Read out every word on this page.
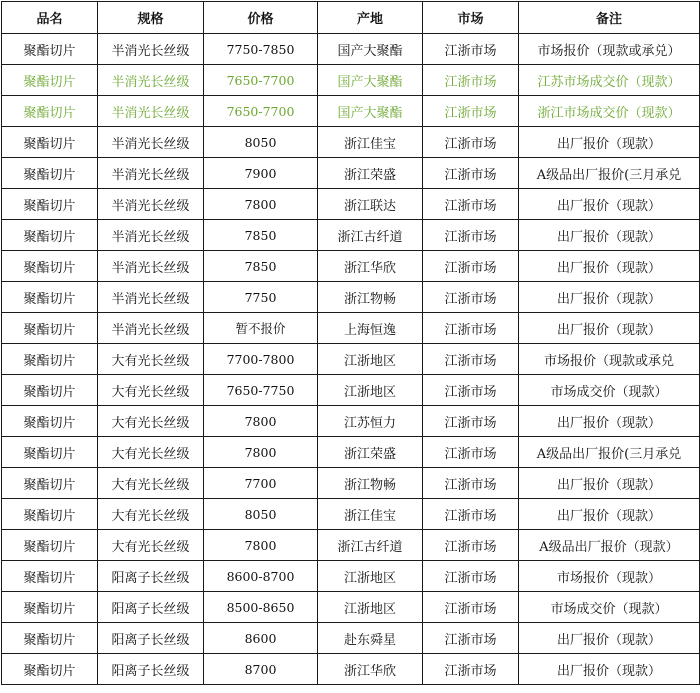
品名	规格	价格	产地	市场	备注
聚酯切片	半消光长丝级	7750-7850	国产大聚酯	江浙市场	市场报价（现款或承兑）
聚酯切片	半消光长丝级	7650-7700	国产大聚酯	江浙市场	江苏市场成交价（现款）
聚酯切片	半消光长丝级	7650-7700	国产大聚酯	江浙市场	浙江市场成交价（现款）
聚酯切片	半消光长丝级	8050	浙江佳宝	江浙市场	出厂报价（现款）
聚酯切片	半消光长丝级	7900	浙江荣盛	江浙市场	A级品出厂报价(三月承兑
聚酯切片	半消光长丝级	7800	浙江联达	江浙市场	出厂报价（现款）
聚酯切片	半消光长丝级	7850	浙江古纤道	江浙市场	出厂报价（现款）
聚酯切片	半消光长丝级	7850	浙江华欣	江浙市场	出厂报价（现款）
聚酯切片	半消光长丝级	7750	浙江物畅	江浙市场	出厂报价（现款）
聚酯切片	半消光长丝级	暂不报价	上海恒逸	江浙市场	出厂报价（现款）
聚酯切片	大有光长丝级	7700-7800	江浙地区	江浙市场	市场报价（现款或承兑
聚酯切片	大有光长丝级	7650-7750	江浙地区	江浙市场	市场成交价（现款）
聚酯切片	大有光长丝级	7800	江苏恒力	江浙市场	出厂报价（现款）
聚酯切片	大有光长丝级	7800	浙江荣盛	江浙市场	A级品出厂报价(三月承兑
聚酯切片	大有光长丝级	7700	浙江物畅	江浙市场	出厂报价（现款）
聚酯切片	大有光长丝级	8050	浙江佳宝	江浙市场	出厂报价（现款）
聚酯切片	大有光长丝级	7800	浙江古纤道	江浙市场	A级品出厂报价（现款）
聚酯切片	阳离子长丝级	8600-8700	江浙地区	江浙市场	市场报价（现款）
聚酯切片	阳离子长丝级	8500-8650	江浙地区	江浙市场	市场成交价（现款）
聚酯切片	阳离子长丝级	8600	赴东舜星	江浙市场	出厂报价（现款）
聚酯切片	阳离子长丝级	8700	浙江华欣	江浙市场	出厂报价（现款）
